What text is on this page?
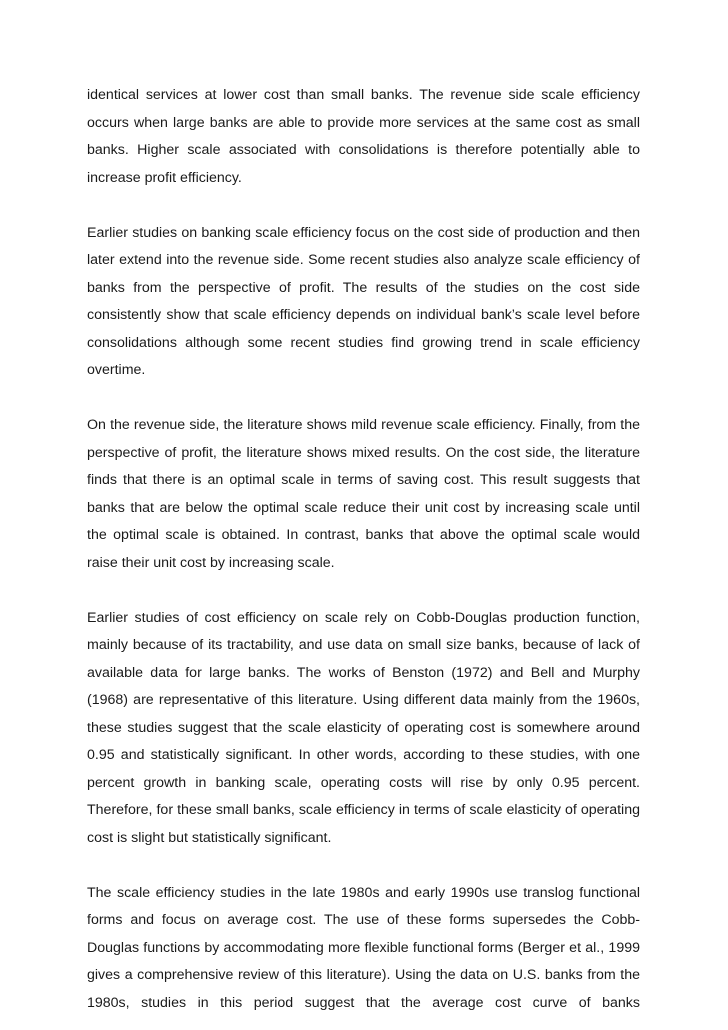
identical services at lower cost than small banks. The revenue side scale efficiency occurs when large banks are able to provide more services at the same cost as small banks. Higher scale associated with consolidations is therefore potentially able to increase profit efficiency.

Earlier studies on banking scale efficiency focus on the cost side of production and then later extend into the revenue side. Some recent studies also analyze scale efficiency of banks from the perspective of profit. The results of the studies on the cost side consistently show that scale efficiency depends on individual bank’s scale level before consolidations although some recent studies find growing trend in scale efficiency overtime.

On the revenue side, the literature shows mild revenue scale efficiency. Finally, from the perspective of profit, the literature shows mixed results. On the cost side, the literature finds that there is an optimal scale in terms of saving cost. This result suggests that banks that are below the optimal scale reduce their unit cost by increasing scale until the optimal scale is obtained. In contrast, banks that above the optimal scale would raise their unit cost by increasing scale.

Earlier studies of cost efficiency on scale rely on Cobb-Douglas production function, mainly because of its tractability, and use data on small size banks, because of lack of available data for large banks. The works of Benston (1972) and Bell and Murphy (1968) are representative of this literature. Using different data mainly from the 1960s, these studies suggest that the scale elasticity of operating cost is somewhere around 0.95 and statistically significant. In other words, according to these studies, with one percent growth in banking scale, operating costs will rise by only 0.95 percent. Therefore, for these small banks, scale efficiency in terms of scale elasticity of operating cost is slight but statistically significant.

The scale efficiency studies in the late 1980s and early 1990s use translog functional forms and focus on average cost. The use of these forms supersedes the Cobb-Douglas functions by accommodating more flexible functional forms (Berger et al., 1999 gives a comprehensive review of this literature). Using the data on U.S. banks from the 1980s, studies in this period suggest that the average cost curve of banks
